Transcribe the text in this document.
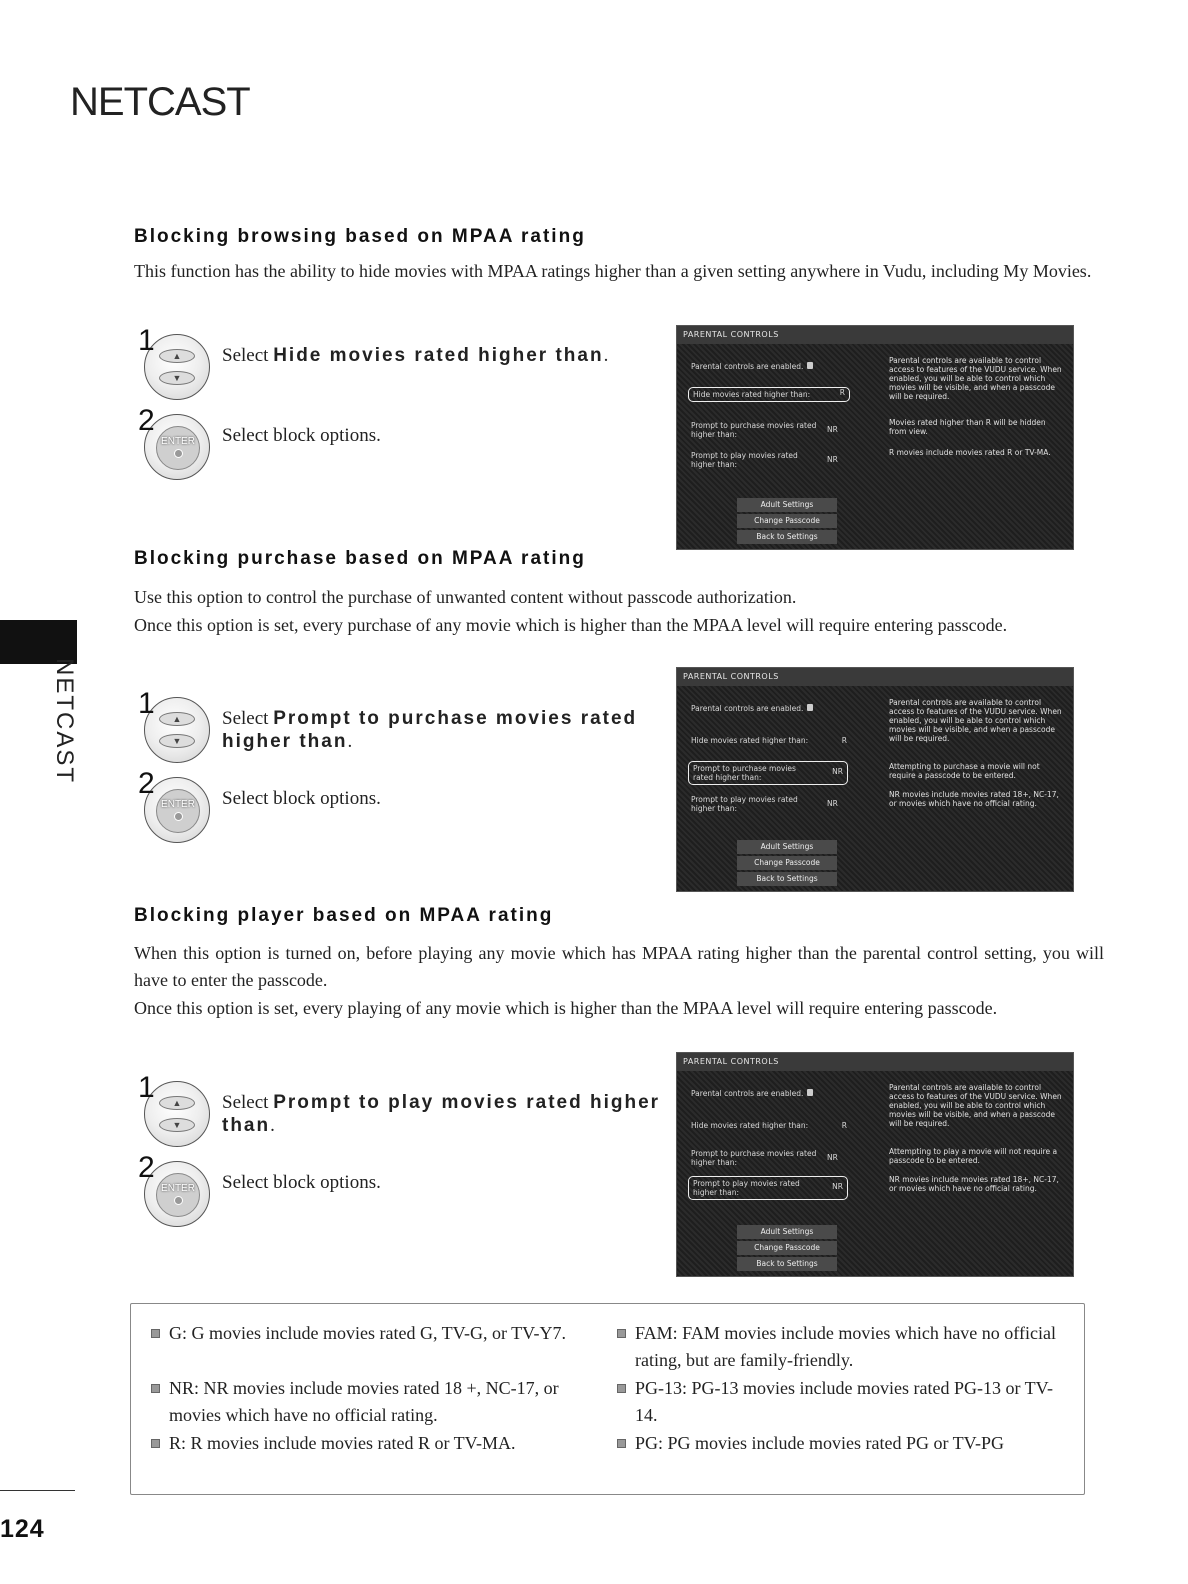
NETCAST
NETCAST
Blocking browsing based on MPAA rating
This function has the ability to hide movies with MPAA ratings higher than a given setting anywhere in Vudu, including My Movies.
▲
▼
1	Select Hide movies rated higher than.
ENTER
2	Select block options.
PARENTAL CONTROLS
Parental controls are enabled.
Hide movies rated higher than:	R
Prompt to purchase movies rated higher than:
NR
Prompt to play movies rated higher than:
NR
Parental controls are available to control access to features of the VUDU service. When enabled, you will be able to control which movies will be visible, and when a passcode will be required.
Movies rated higher than R will be hidden from view.
R movies include movies rated R or TV-MA.
Adult Settings
Change Passcode
Back to Settings
Blocking purchase based on MPAA rating
Use this option to control the purchase of unwanted content without passcode authorization.
Once this option is set, every purchase of any movie which is higher than the MPAA level will require entering passcode.
▲
▼
1	Select Prompt to purchase movies rated higher than.
ENTER
2	Select block options.
PARENTAL CONTROLS
Parental controls are enabled.
Hide movies rated higher than:	R
Prompt to purchase movies rated higher than:
NR
Prompt to play movies rated higher than:
NR
Parental controls are available to control access to features of the VUDU service. When enabled, you will be able to control which movies will be visible, and when a passcode will be required.
Attempting to purchase a movie will not require a passcode to be entered.
NR movies include movies rated 18+, NC-17, or movies which have no official rating.
Adult Settings
Change Passcode
Back to Settings
Blocking player based on MPAA rating
When this option is turned on, before playing any movie which has MPAA rating higher than the parental control setting, you will have to enter the passcode.
Once this option is set, every playing of any movie which is higher than the MPAA level will require entering passcode.
▲
▼
1	Select Prompt to play movies rated higher than.
ENTER
2	Select block options.
PARENTAL CONTROLS
Parental controls are enabled.
Hide movies rated higher than:	R
Prompt to purchase movies rated higher than:
NR
Prompt to play movies rated higher than:
NR
Parental controls are available to control access to features of the VUDU service. When enabled, you will be able to control which movies will be visible, and when a passcode will be required.
Attempting to play a movie will not require a passcode to be entered.
NR movies include movies rated 18+, NC-17, or movies which have no official rating.
Adult Settings
Change Passcode
Back to Settings
G: G movies include movies rated G, TV-G, or TV-Y7.
NR: NR movies include movies rated 18 +, NC-17, or movies which have no official rating.
R: R movies include movies rated R or TV-MA.
FAM: FAM movies include movies which have no official rating, but are family-friendly.
PG-13: PG-13 movies include movies rated PG-13 or TV-14.
PG: PG movies include movies rated PG or TV-PG
124
